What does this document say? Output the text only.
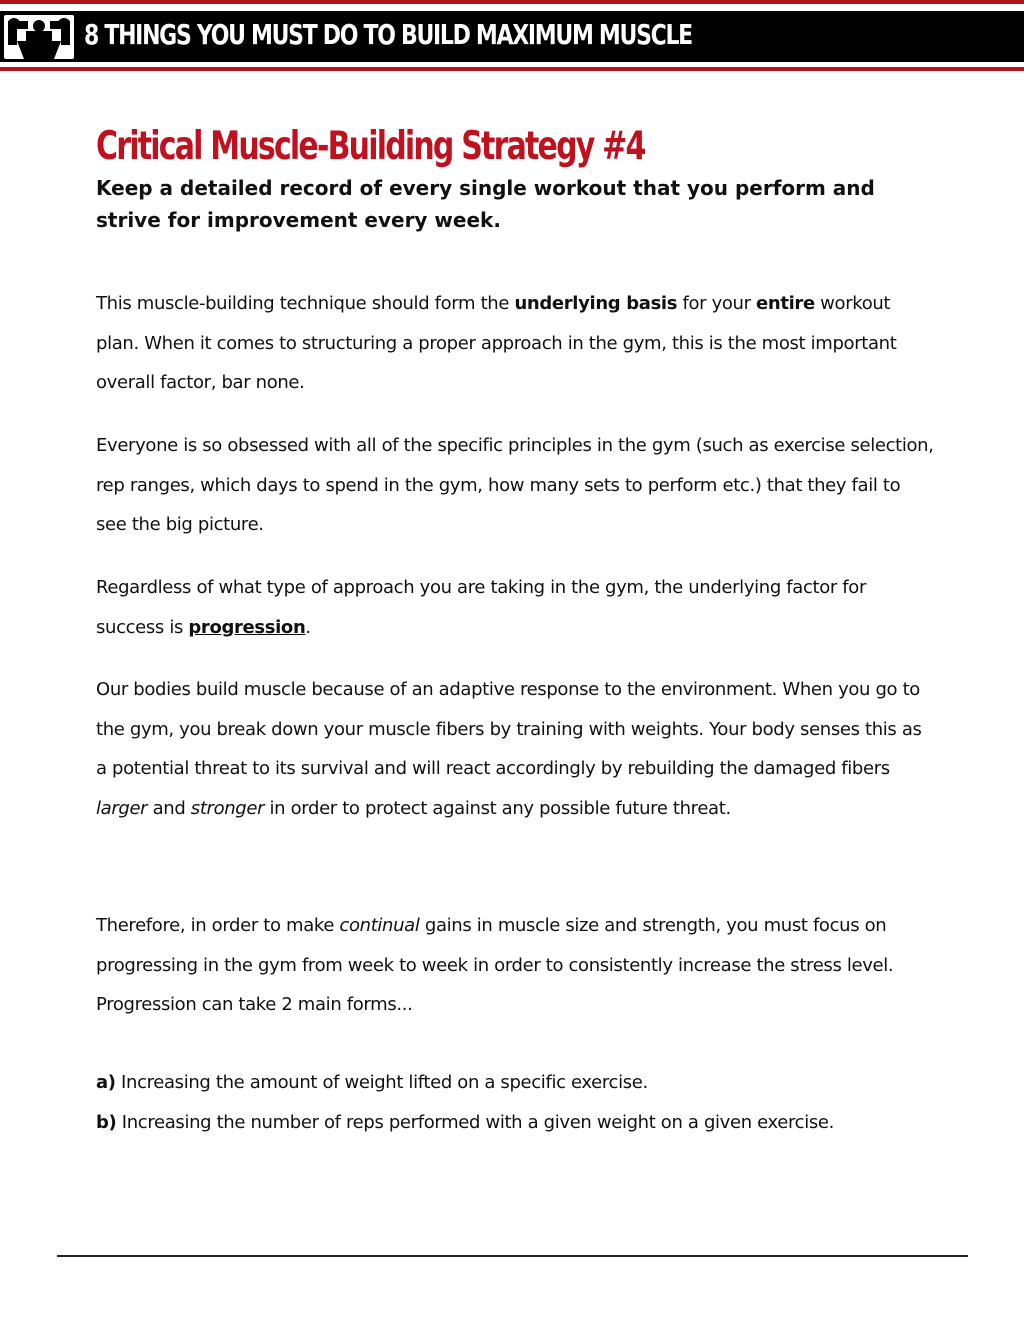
8 THINGS YOU MUST DO TO BUILD MAXIMUM MUSCLE
Critical Muscle-Building Strategy #4

Keep a detailed record of every single workout that you perform and strive for improvement every week.

This muscle-building technique should form the underlying basis for your entire workout plan. When it comes to structuring a proper approach in the gym, this is the most important overall factor, bar none.

Everyone is so obsessed with all of the specific principles in the gym (such as exercise selection, rep ranges, which days to spend in the gym, how many sets to perform etc.) that they fail to see the big picture.

Regardless of what type of approach you are taking in the gym, the underlying factor for success is progression.

Our bodies build muscle because of an adaptive response to the environment. When you go to the gym, you break down your muscle fibers by training with weights. Your body senses this as a potential threat to its survival and will react accordingly by rebuilding the damaged fibers larger and stronger in order to protect against any possible future threat.

Therefore, in order to make continual gains in muscle size and strength, you must focus on progressing in the gym from week to week in order to consistently increase the stress level. Progression can take 2 main forms...

a) Increasing the amount of weight lifted on a specific exercise.

b) Increasing the number of reps performed with a given weight on a given exercise.
